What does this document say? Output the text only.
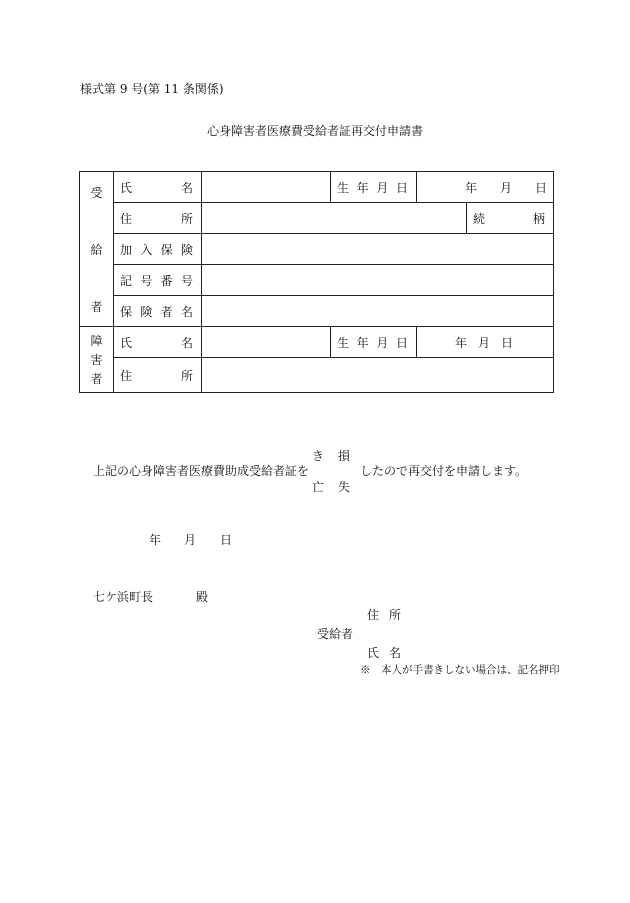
様式第 9 号(第 11 条関係)
心身障害者医療費受給者証再交付申請書
受
給
者	氏 名		生 年 月 日	年 月 日		

	住 所				続 柄	

	加 入 保 険					

	記 号 番 号					

	保 険 者 名					

障
害
者	氏 名		生 年 月 日	年 月 日		

	住 所					

上記の心身障害者医療費助成受給者証を
き 損
亡 失
したので再交付を申請します。
年 月 日
七ケ浜町長	殿
住 所
受給者
氏 名
※　本人が手書きしない場合は、記名押印
